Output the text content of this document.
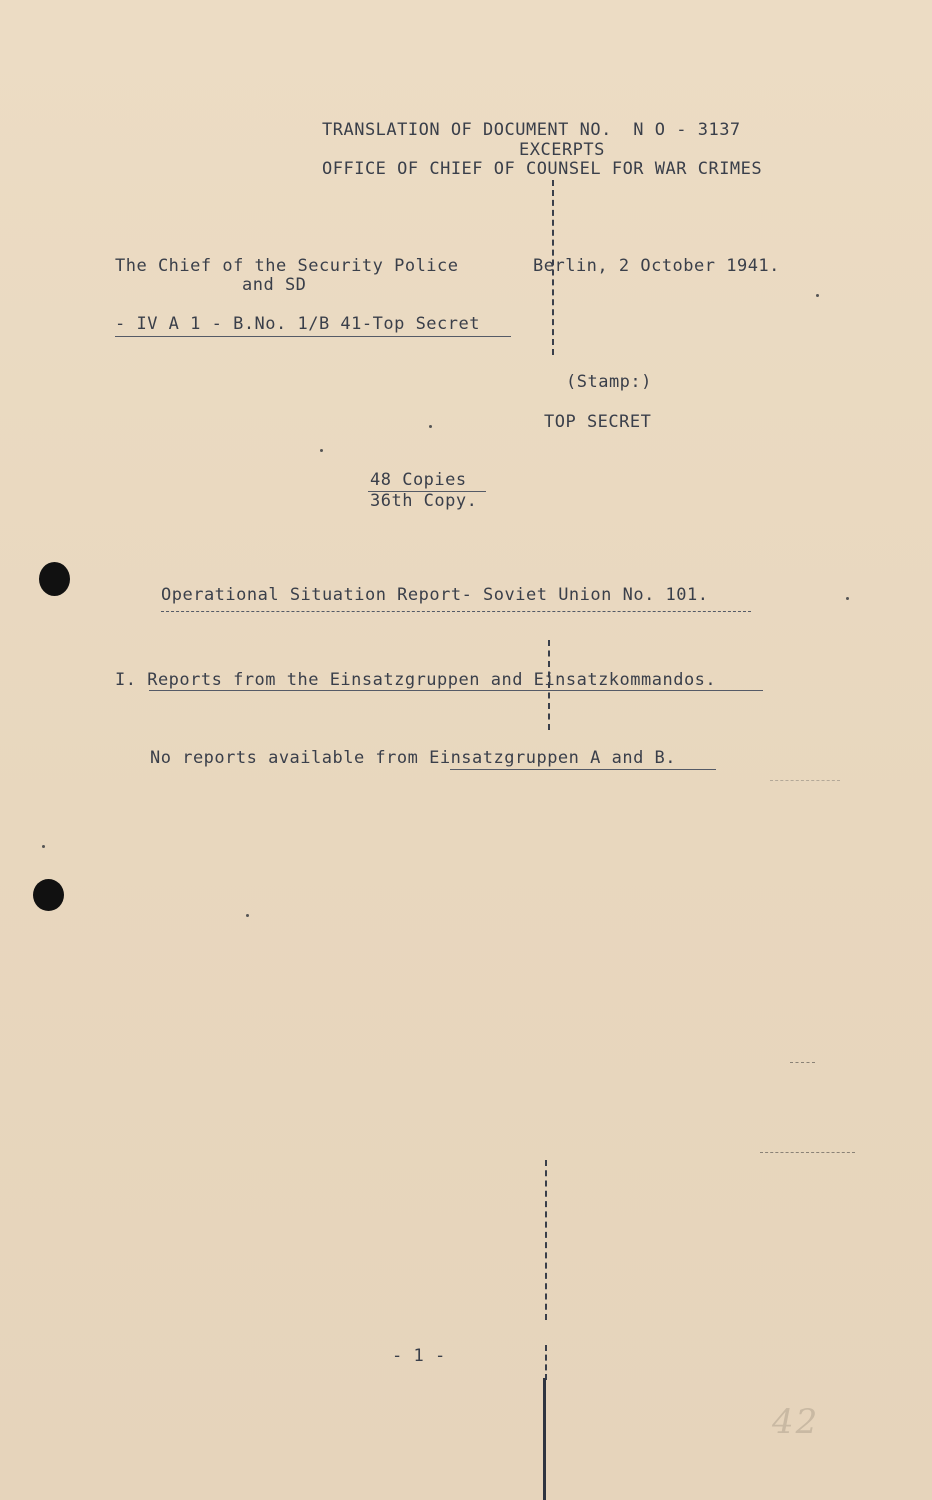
TRANSLATION OF DOCUMENT NO.  N O - 3137
EXCERPTS
OFFICE OF CHIEF OF COUNSEL FOR WAR CRIMES
The Chief of the Security Police
and SD
- IV A 1 - B.No. 1/B 41-Top Secret
Berlin, 2 October 1941.
(Stamp:)
TOP SECRET
48 Copies
36th Copy.
Operational Situation Report- Soviet Union No. 101.
I. Reports from the Einsatzgruppen and Einsatzkommandos.
No reports available from Einsatzgruppen A and B.
- 1 -
42
